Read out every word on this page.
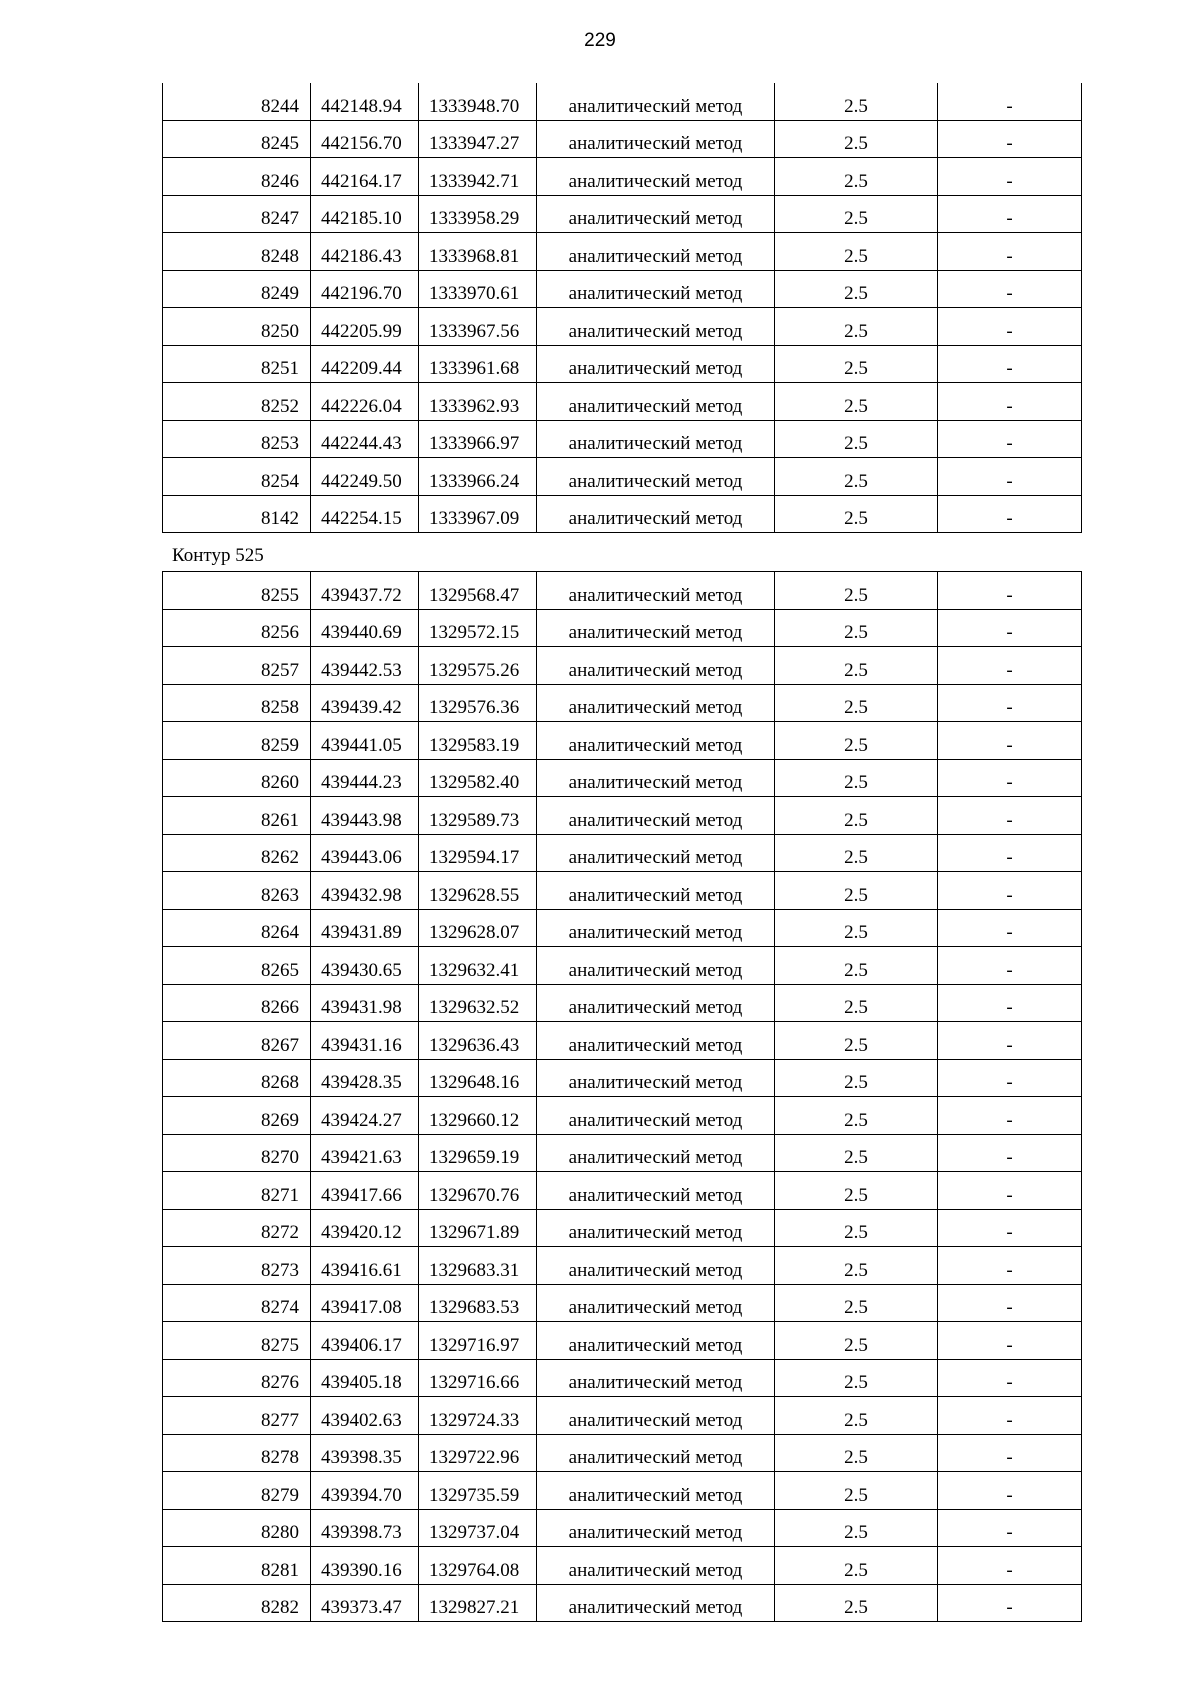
229
8244	442148.94	1333948.70	аналитический метод	2.5	-
8245	442156.70	1333947.27	аналитический метод	2.5	-
8246	442164.17	1333942.71	аналитический метод	2.5	-
8247	442185.10	1333958.29	аналитический метод	2.5	-
8248	442186.43	1333968.81	аналитический метод	2.5	-
8249	442196.70	1333970.61	аналитический метод	2.5	-
8250	442205.99	1333967.56	аналитический метод	2.5	-
8251	442209.44	1333961.68	аналитический метод	2.5	-
8252	442226.04	1333962.93	аналитический метод	2.5	-
8253	442244.43	1333966.97	аналитический метод	2.5	-
8254	442249.50	1333966.24	аналитический метод	2.5	-
8142	442254.15	1333967.09	аналитический метод	2.5	-
Контур 525
8255	439437.72	1329568.47	аналитический метод	2.5	-
8256	439440.69	1329572.15	аналитический метод	2.5	-
8257	439442.53	1329575.26	аналитический метод	2.5	-
8258	439439.42	1329576.36	аналитический метод	2.5	-
8259	439441.05	1329583.19	аналитический метод	2.5	-
8260	439444.23	1329582.40	аналитический метод	2.5	-
8261	439443.98	1329589.73	аналитический метод	2.5	-
8262	439443.06	1329594.17	аналитический метод	2.5	-
8263	439432.98	1329628.55	аналитический метод	2.5	-
8264	439431.89	1329628.07	аналитический метод	2.5	-
8265	439430.65	1329632.41	аналитический метод	2.5	-
8266	439431.98	1329632.52	аналитический метод	2.5	-
8267	439431.16	1329636.43	аналитический метод	2.5	-
8268	439428.35	1329648.16	аналитический метод	2.5	-
8269	439424.27	1329660.12	аналитический метод	2.5	-
8270	439421.63	1329659.19	аналитический метод	2.5	-
8271	439417.66	1329670.76	аналитический метод	2.5	-
8272	439420.12	1329671.89	аналитический метод	2.5	-
8273	439416.61	1329683.31	аналитический метод	2.5	-
8274	439417.08	1329683.53	аналитический метод	2.5	-
8275	439406.17	1329716.97	аналитический метод	2.5	-
8276	439405.18	1329716.66	аналитический метод	2.5	-
8277	439402.63	1329724.33	аналитический метод	2.5	-
8278	439398.35	1329722.96	аналитический метод	2.5	-
8279	439394.70	1329735.59	аналитический метод	2.5	-
8280	439398.73	1329737.04	аналитический метод	2.5	-
8281	439390.16	1329764.08	аналитический метод	2.5	-
8282	439373.47	1329827.21	аналитический метод	2.5	-
